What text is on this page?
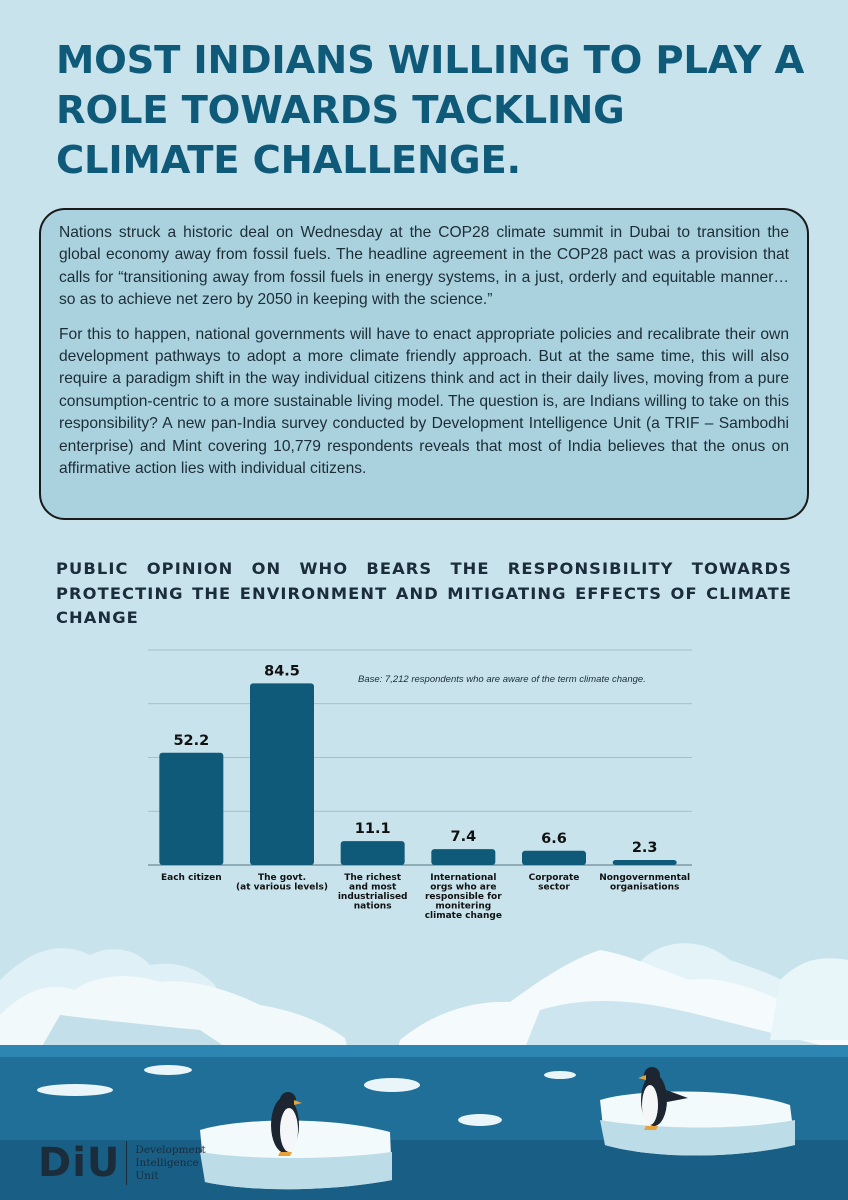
MOST INDIANS WILLING TO PLAY A ROLE TOWARDS TACKLING CLIMATE CHALLENGE.

Nations struck a historic deal on Wednesday at the COP28 climate summit in Dubai to transition the global economy away from fossil fuels. The headline agreement in the COP28 pact was a provision that calls for “transitioning away from fossil fuels in energy systems, in a just, orderly and equitable manner… so as to achieve net zero by 2050 in keeping with the science.”

For this to happen, national governments will have to enact appropriate policies and recalibrate their own development pathways to adopt a more climate friendly approach. But at the same time, this will also require a paradigm shift in the way individual citizens think and act in their daily lives, moving from a pure consumption-centric to a more sustainable living model. The question is, are Indians willing to take on this responsibility? A new pan-India survey conducted by Development Intelligence Unit (a TRIF – Sambodhi enterprise) and Mint covering 10,779 respondents reveals that most of India believes that the onus on affirmative action lies with individual citizens.

PUBLIC OPINION ON WHO BEARS THE RESPONSIBILITY TOWARDS PROTECTING THE ENVIRONMENT AND MITIGATING EFFECTS OF CLIMATE CHANGE
Base: 7,212 respondents who are aware of the term climate change.
52.2
Each citizen
84.5
The govt.
(at various levels)
11.1
The richest
and most
industrialised
nations
7.4
International
orgs who are
responsible for
monitering
climate change
6.6
Corporate
sector
2.3
Nongovernmental
organisations
DiU Development
Intelligence
Unit
